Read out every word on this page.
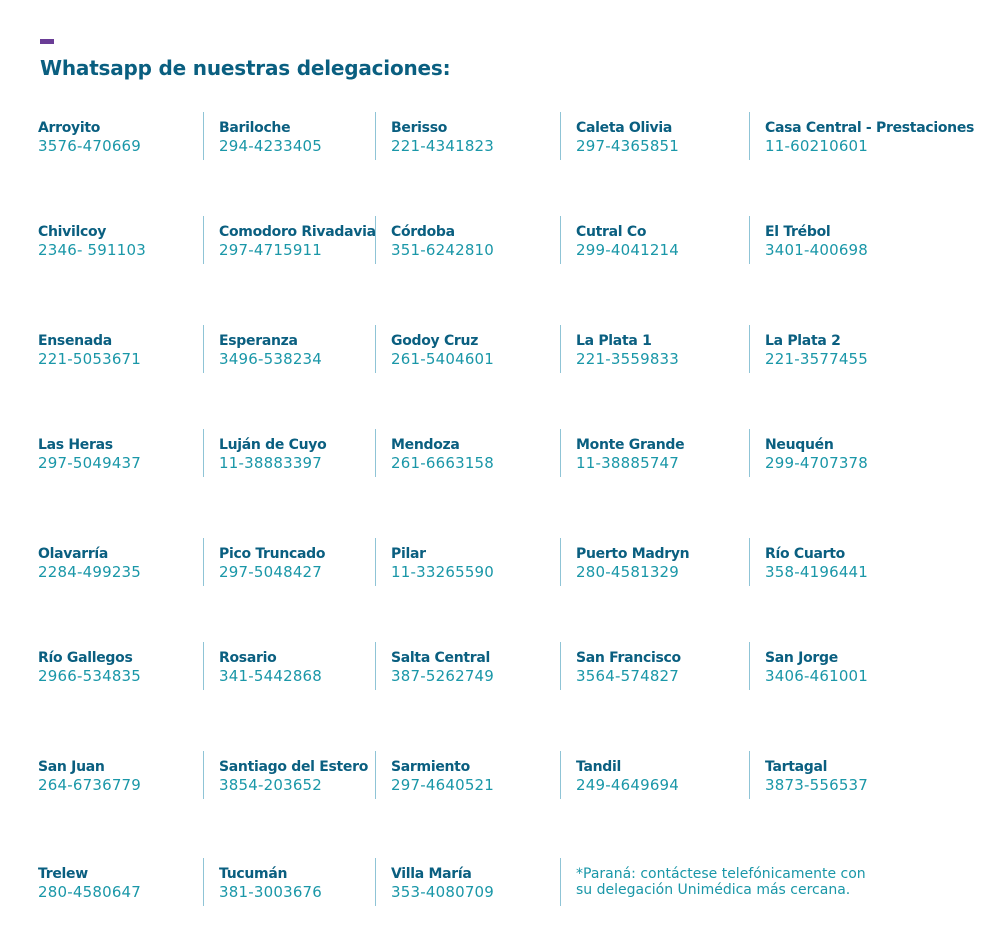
Whatsapp de nuestras delegaciones:
Arroyito
3576-470669
Bariloche
294-4233405
Berisso
221-4341823
Caleta Olivia
297-4365851
Casa Central - Prestaciones
11-60210601
Chivilcoy
2346- 591103
Comodoro Rivadavia
297-4715911
Córdoba
351-6242810
Cutral Co
299-4041214
El Trébol
3401-400698
Ensenada
221-5053671
Esperanza
3496-538234
Godoy Cruz
261-5404601
La Plata 1
221-3559833
La Plata 2
221-3577455
Las Heras
297-5049437
Luján de Cuyo
11-38883397
Mendoza
261-6663158
Monte Grande
11-38885747
Neuquén
299-4707378
Olavarría
2284-499235
Pico Truncado
297-5048427
Pilar
11-33265590
Puerto Madryn
280-4581329
Río Cuarto
358-4196441
Río Gallegos
2966-534835
Rosario
341-5442868
Salta Central
387-5262749
San Francisco
3564-574827
San Jorge
3406-461001
San Juan
264-6736779
Santiago del Estero
3854-203652
Sarmiento
297-4640521
Tandil
249-4649694
Tartagal
3873-556537
Trelew
280-4580647
Tucumán
381-3003676
Villa María
353-4080709
*Paraná: contáctese telefónicamente con su delegación Unimédica más cercana.
